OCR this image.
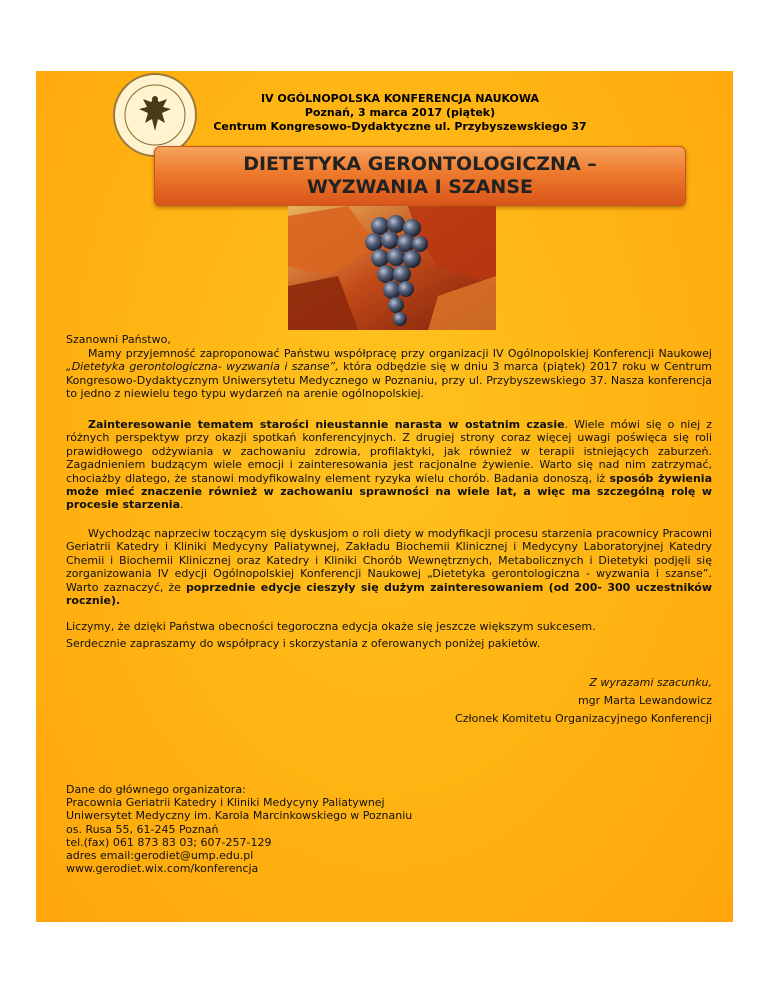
IV OGÓLNOPOLSKA KONFERENCJA NAUKOWA
Poznań, 3 marca 2017 (piątek)
Centrum Kongresowo-Dydaktyczne ul. Przybyszewskiego 37
DIETETYKA GERONTOLOGICZNA –
WYZWANIA I SZANSE
Szanowni Państwo,
Mamy przyjemność zaproponować Państwu współpracę przy organizacji IV Ogólnopolskiej Konferencji Naukowej „Dietetyka gerontologiczna- wyzwania i szanse”, która odbędzie się w dniu 3 marca (piątek) 2017 roku w Centrum Kongresowo-Dydaktycznym Uniwersytetu Medycznego w Poznaniu, przy ul. Przybyszewskiego 37. Nasza konferencja to jedno z niewielu tego typu wydarzeń na arenie ogólnopolskiej.
Zainteresowanie tematem starości nieustannie narasta w ostatnim czasie. Wiele mówi się o niej z różnych perspektyw przy okazji spotkań konferencyjnych. Z drugiej strony coraz więcej uwagi poświęca się roli prawidłowego odżywiania w zachowaniu zdrowia, profilaktyki, jak również w terapii istniejących zaburzeń. Zagadnieniem budzącym wiele emocji i zainteresowania jest racjonalne żywienie. Warto się nad nim zatrzymać, chociażby dlatego, że stanowi modyfikowalny element ryzyka wielu chorób. Badania donoszą, iż sposób żywienia może mieć znaczenie również w zachowaniu sprawności na wiele lat, a więc ma szczególną rolę w procesie starzenia.
Wychodząc naprzeciw toczącym się dyskusjom o roli diety w modyfikacji procesu starzenia pracownicy Pracowni Geriatrii Katedry i Kliniki Medycyny Paliatywnej, Zakładu Biochemii Klinicznej i Medycyny Laboratoryjnej Katedry Chemii i Biochemii Klinicznej oraz Katedry i Kliniki Chorób Wewnętrznych, Metabolicznych i Dietetyki podjęli się zorganizowania IV edycji Ogólnopolskiej Konferencji Naukowej „Dietetyka gerontologiczna - wyzwania i szanse”. Warto zaznaczyć, że poprzednie edycje cieszyły się dużym zainteresowaniem (od 200- 300 uczestników rocznie).
Liczymy, że dzięki Państwa obecności tegoroczna edycja okaże się jeszcze większym sukcesem.
Serdecznie zapraszamy do współpracy i skorzystania z oferowanych poniżej pakietów.
Z wyrazami szacunku,
mgr Marta Lewandowicz
Członek Komitetu Organizacyjnego Konferencji
Dane do głównego organizatora:
Pracownia Geriatrii Katedry i Kliniki Medycyny Paliatywnej
Uniwersytet Medyczny im. Karola Marcinkowskiego w Poznaniu
os. Rusa 55, 61-245 Poznań
tel.(fax) 061 873 83 03; 607-257-129
adres email:gerodiet@ump.edu.pl
www.gerodiet.wix.com/konferencja
